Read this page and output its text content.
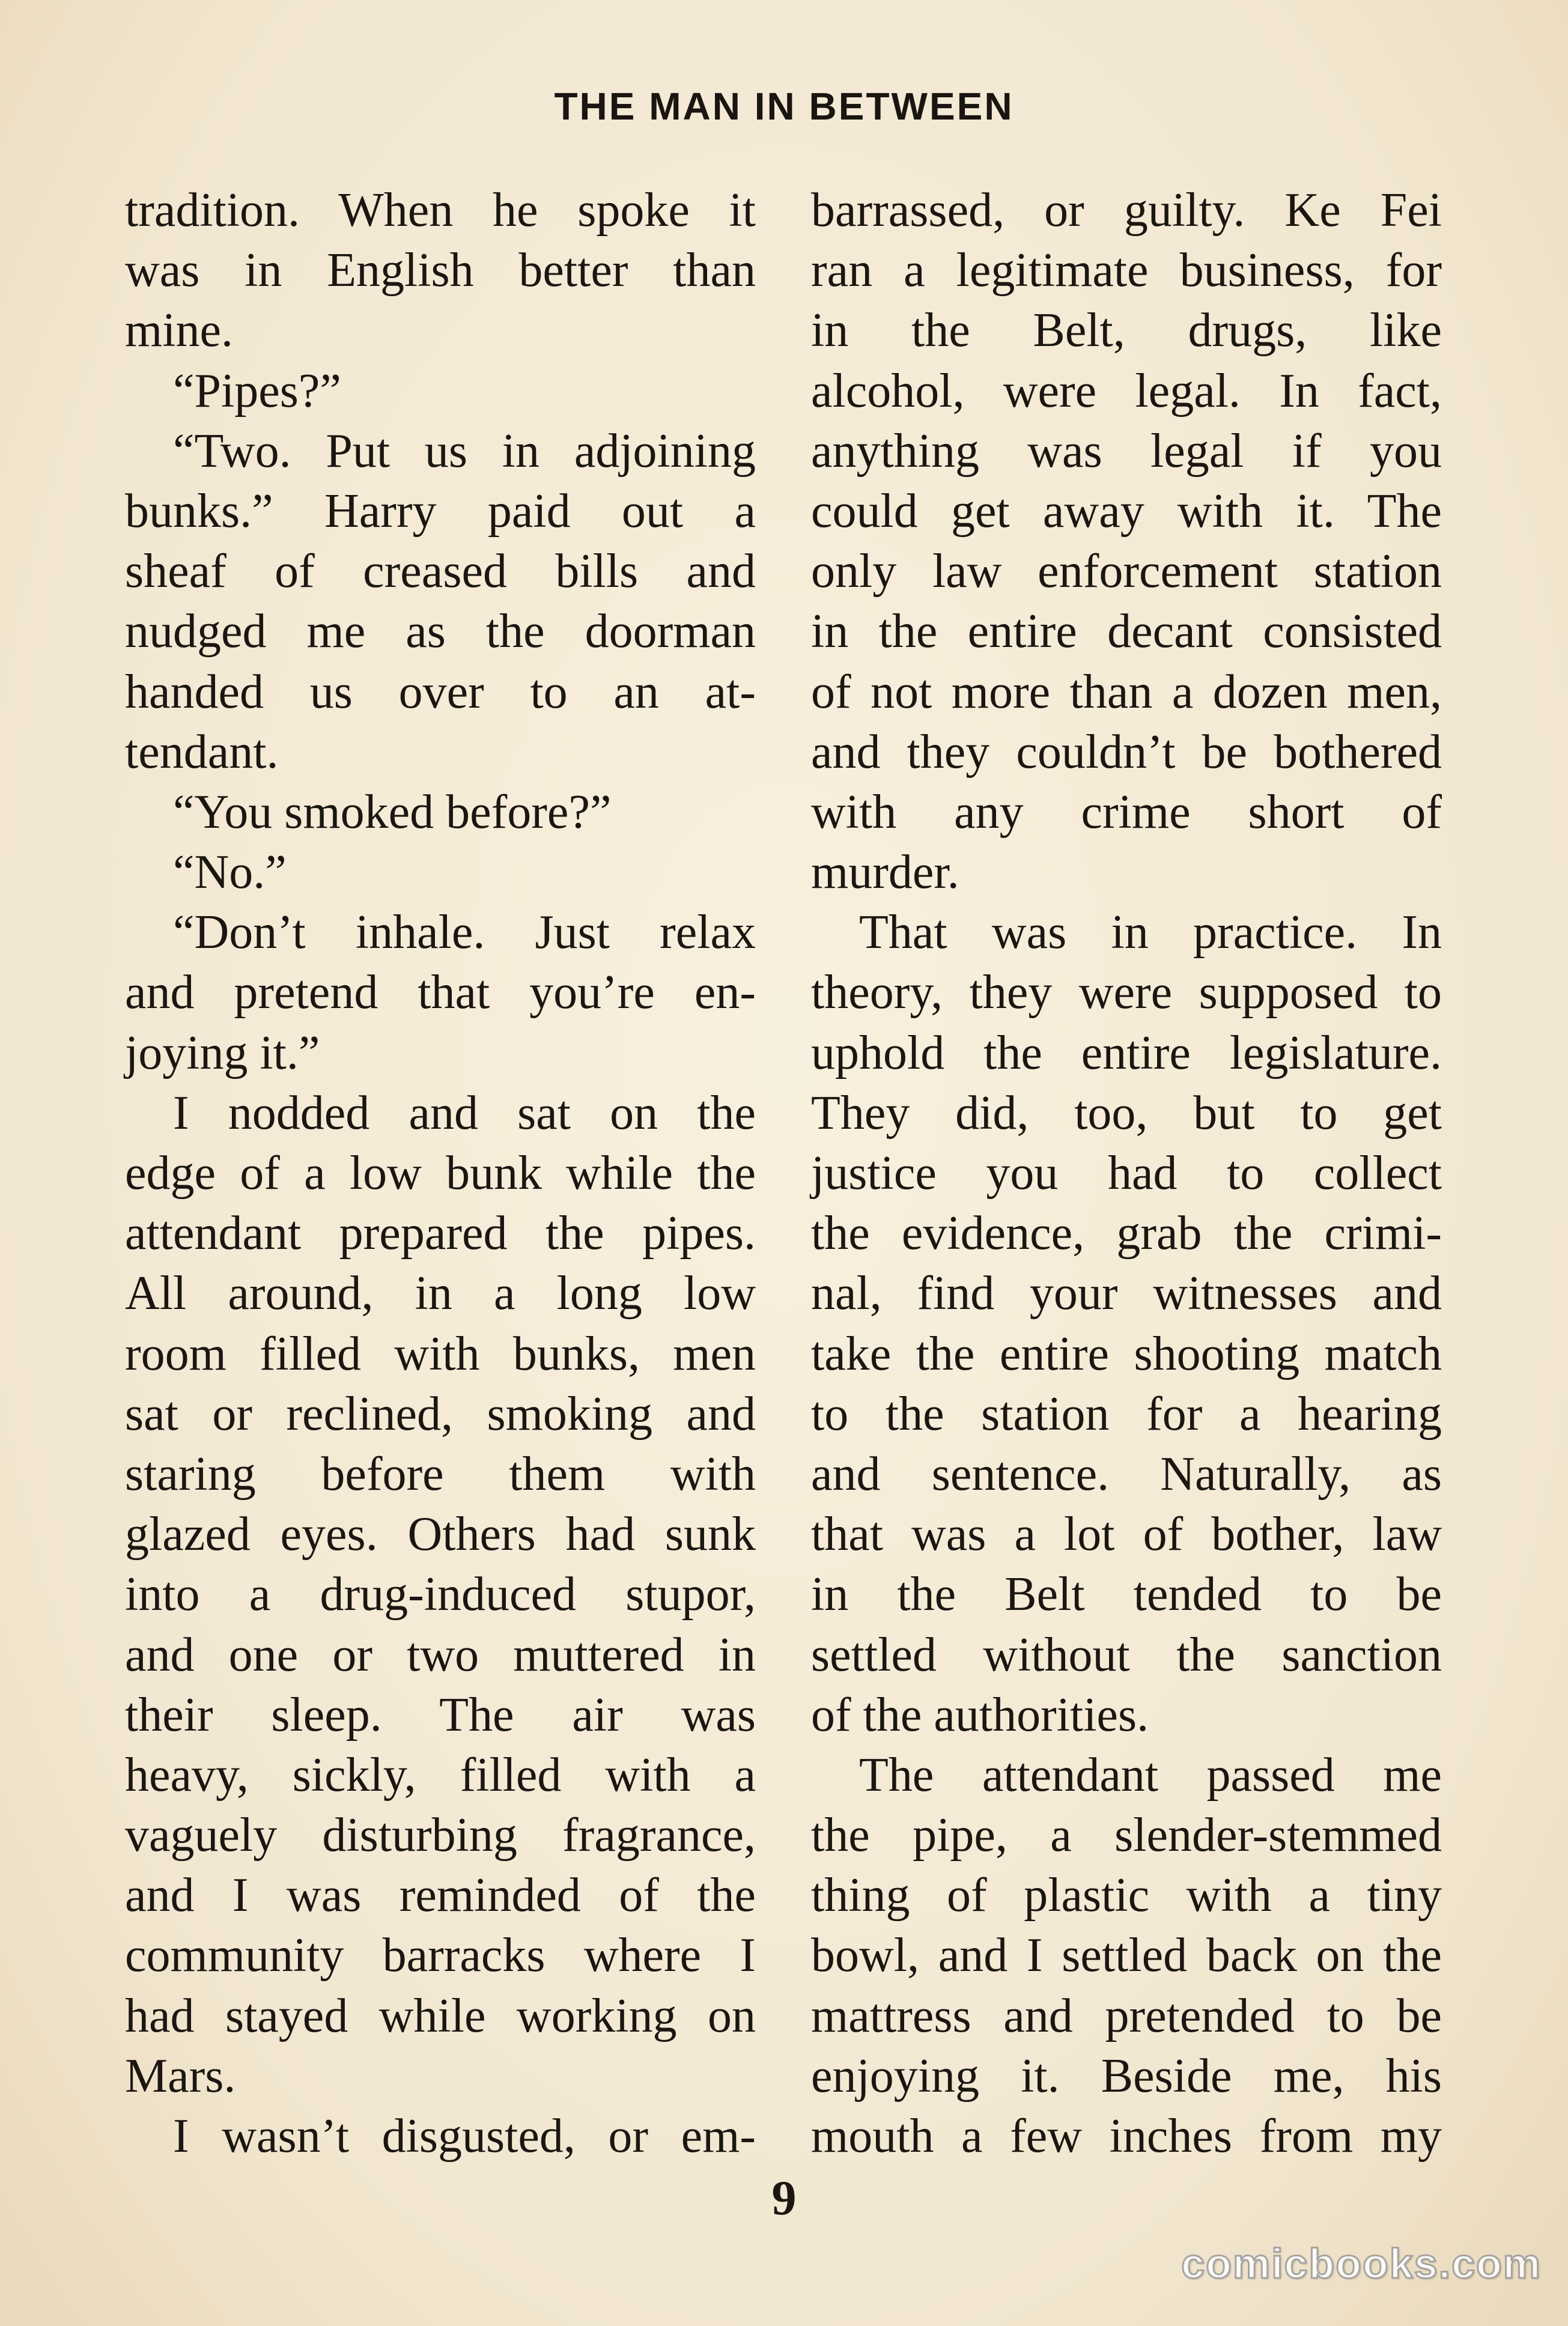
THE MAN IN BETWEEN
tradition. When he spoke it
was in English better than
mine.
“Pipes?”
“Two. Put us in adjoining
bunks.” Harry paid out a
sheaf of creased bills and
nudged me as the doorman
handed us over to an at-
tendant.
“You smoked before?”
“No.”
“Don’t inhale. Just relax
and pretend that you’re en-
joying it.”
I nodded and sat on the
edge of a low bunk while the
attendant prepared the pipes.
All around, in a long low
room filled with bunks, men
sat or reclined, smoking and
staring before them with
glazed eyes. Others had sunk
into a drug-induced stupor,
and one or two muttered in
their sleep. The air was
heavy, sickly, filled with a
vaguely disturbing fragrance,
and I was reminded of the
community barracks where I
had stayed while working on
Mars.
I wasn’t disgusted, or em-
barrassed, or guilty. Ke Fei
ran a legitimate business, for
in the Belt, drugs, like
alcohol, were legal. In fact,
anything was legal if you
could get away with it. The
only law enforcement station
in the entire decant consisted
of not more than a dozen men,
and they couldn’t be bothered
with any crime short of
murder.
That was in practice. In
theory, they were supposed to
uphold the entire legislature.
They did, too, but to get
justice you had to collect
the evidence, grab the crimi-
nal, find your witnesses and
take the entire shooting match
to the station for a hearing
and sentence. Naturally, as
that was a lot of bother, law
in the Belt tended to be
settled without the sanction
of the authorities.
The attendant passed me
the pipe, a slender-stemmed
thing of plastic with a tiny
bowl, and I settled back on the
mattress and pretended to be
enjoying it. Beside me, his
mouth a few inches from my
9
comicbooks.com
